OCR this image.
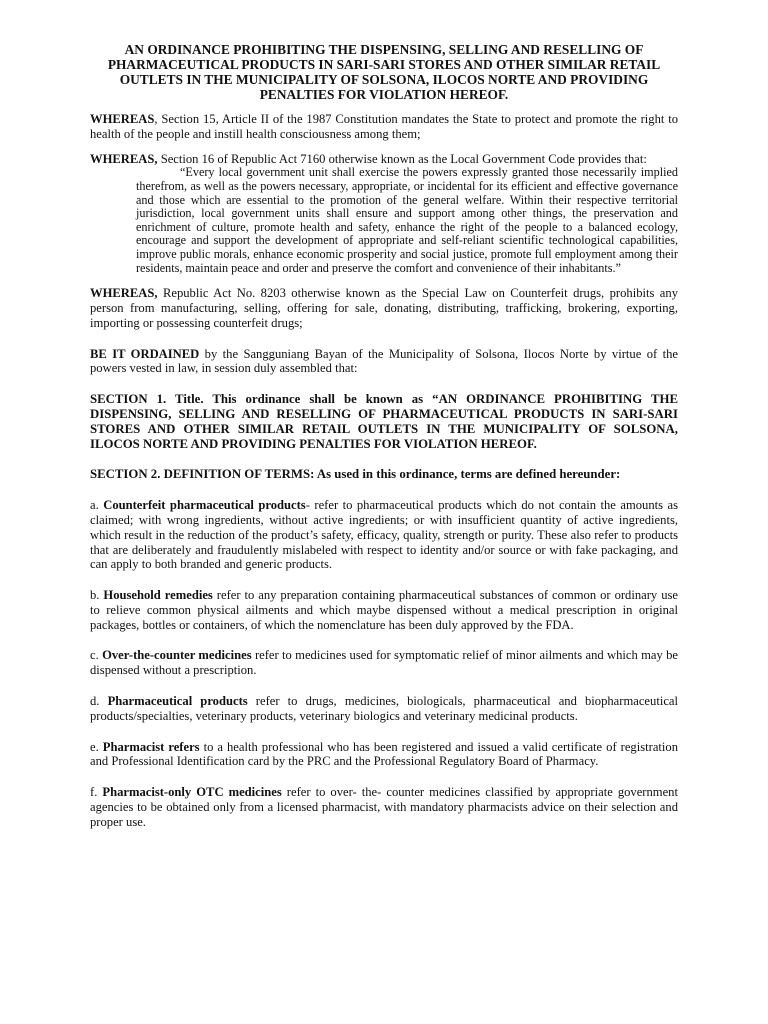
AN ORDINANCE PROHIBITING THE DISPENSING, SELLING AND RESELLING OF PHARMACEUTICAL PRODUCTS IN SARI-SARI STORES AND OTHER SIMILAR RETAIL OUTLETS IN THE MUNICIPALITY OF SOLSONA, ILOCOS NORTE AND PROVIDING PENALTIES FOR VIOLATION HEREOF.

WHEREAS, Section 15, Article II of the 1987 Constitution mandates the State to protect and promote the right to health of the people and instill health consciousness among them;

WHEREAS, Section 16 of Republic Act 7160 otherwise known as the Local Government Code provides that:

“Every local government unit shall exercise the powers expressly granted those necessarily implied therefrom, as well as the powers necessary, appropriate, or incidental for its efficient and effective governance and those which are essential to the promotion of the general welfare. Within their respective territorial jurisdiction, local government units shall ensure and support among other things, the preservation and enrichment of culture, promote health and safety, enhance the right of the people to a balanced ecology, encourage and support the development of appropriate and self-reliant scientific technological capabilities, improve public morals, enhance economic prosperity and social justice, promote full employment among their residents, maintain peace and order and preserve the comfort and convenience of their inhabitants.”

WHEREAS, Republic Act No. 8203 otherwise known as the Special Law on Counterfeit drugs, prohibits any person from manufacturing, selling, offering for sale, donating, distributing, trafficking, brokering, exporting, importing or possessing counterfeit drugs;

BE IT ORDAINED by the Sangguniang Bayan of the Municipality of Solsona, Ilocos Norte by virtue of the powers vested in law, in session duly assembled that:

SECTION 1. Title. This ordinance shall be known as “AN ORDINANCE PROHIBITING THE DISPENSING, SELLING AND RESELLING OF PHARMACEUTICAL PRODUCTS IN SARI-SARI STORES AND OTHER SIMILAR RETAIL OUTLETS IN THE MUNICIPALITY OF SOLSONA, ILOCOS NORTE AND PROVIDING PENALTIES FOR VIOLATION HEREOF.

SECTION 2. DEFINITION OF TERMS: As used in this ordinance, terms are defined hereunder:

a. Counterfeit pharmaceutical products- refer to pharmaceutical products which do not contain the amounts as claimed; with wrong ingredients, without active ingredients; or with insufficient quantity of active ingredients, which result in the reduction of the product’s safety, efficacy, quality, strength or purity. These also refer to products that are deliberately and fraudulently mislabeled with respect to identity and/or source or with fake packaging, and can apply to both branded and generic products.

b. Household remedies refer to any preparation containing pharmaceutical substances of common or ordinary use to relieve common physical ailments and which maybe dispensed without a medical prescription in original packages, bottles or containers, of which the nomenclature has been duly approved by the FDA.

c. Over-the-counter medicines refer to medicines used for symptomatic relief of minor ailments and which may be dispensed without a prescription.

d. Pharmaceutical products refer to drugs, medicines, biologicals, pharmaceutical and biopharmaceutical products/specialties, veterinary products, veterinary biologics and veterinary medicinal products.

e. Pharmacist refers to a health professional who has been registered and issued a valid certificate of registration and Professional Identification card by the PRC and the Professional Regulatory Board of Pharmacy.

f. Pharmacist-only OTC medicines refer to over- the- counter medicines classified by appropriate government agencies to be obtained only from a licensed pharmacist, with mandatory pharmacists advice on their selection and proper use.
